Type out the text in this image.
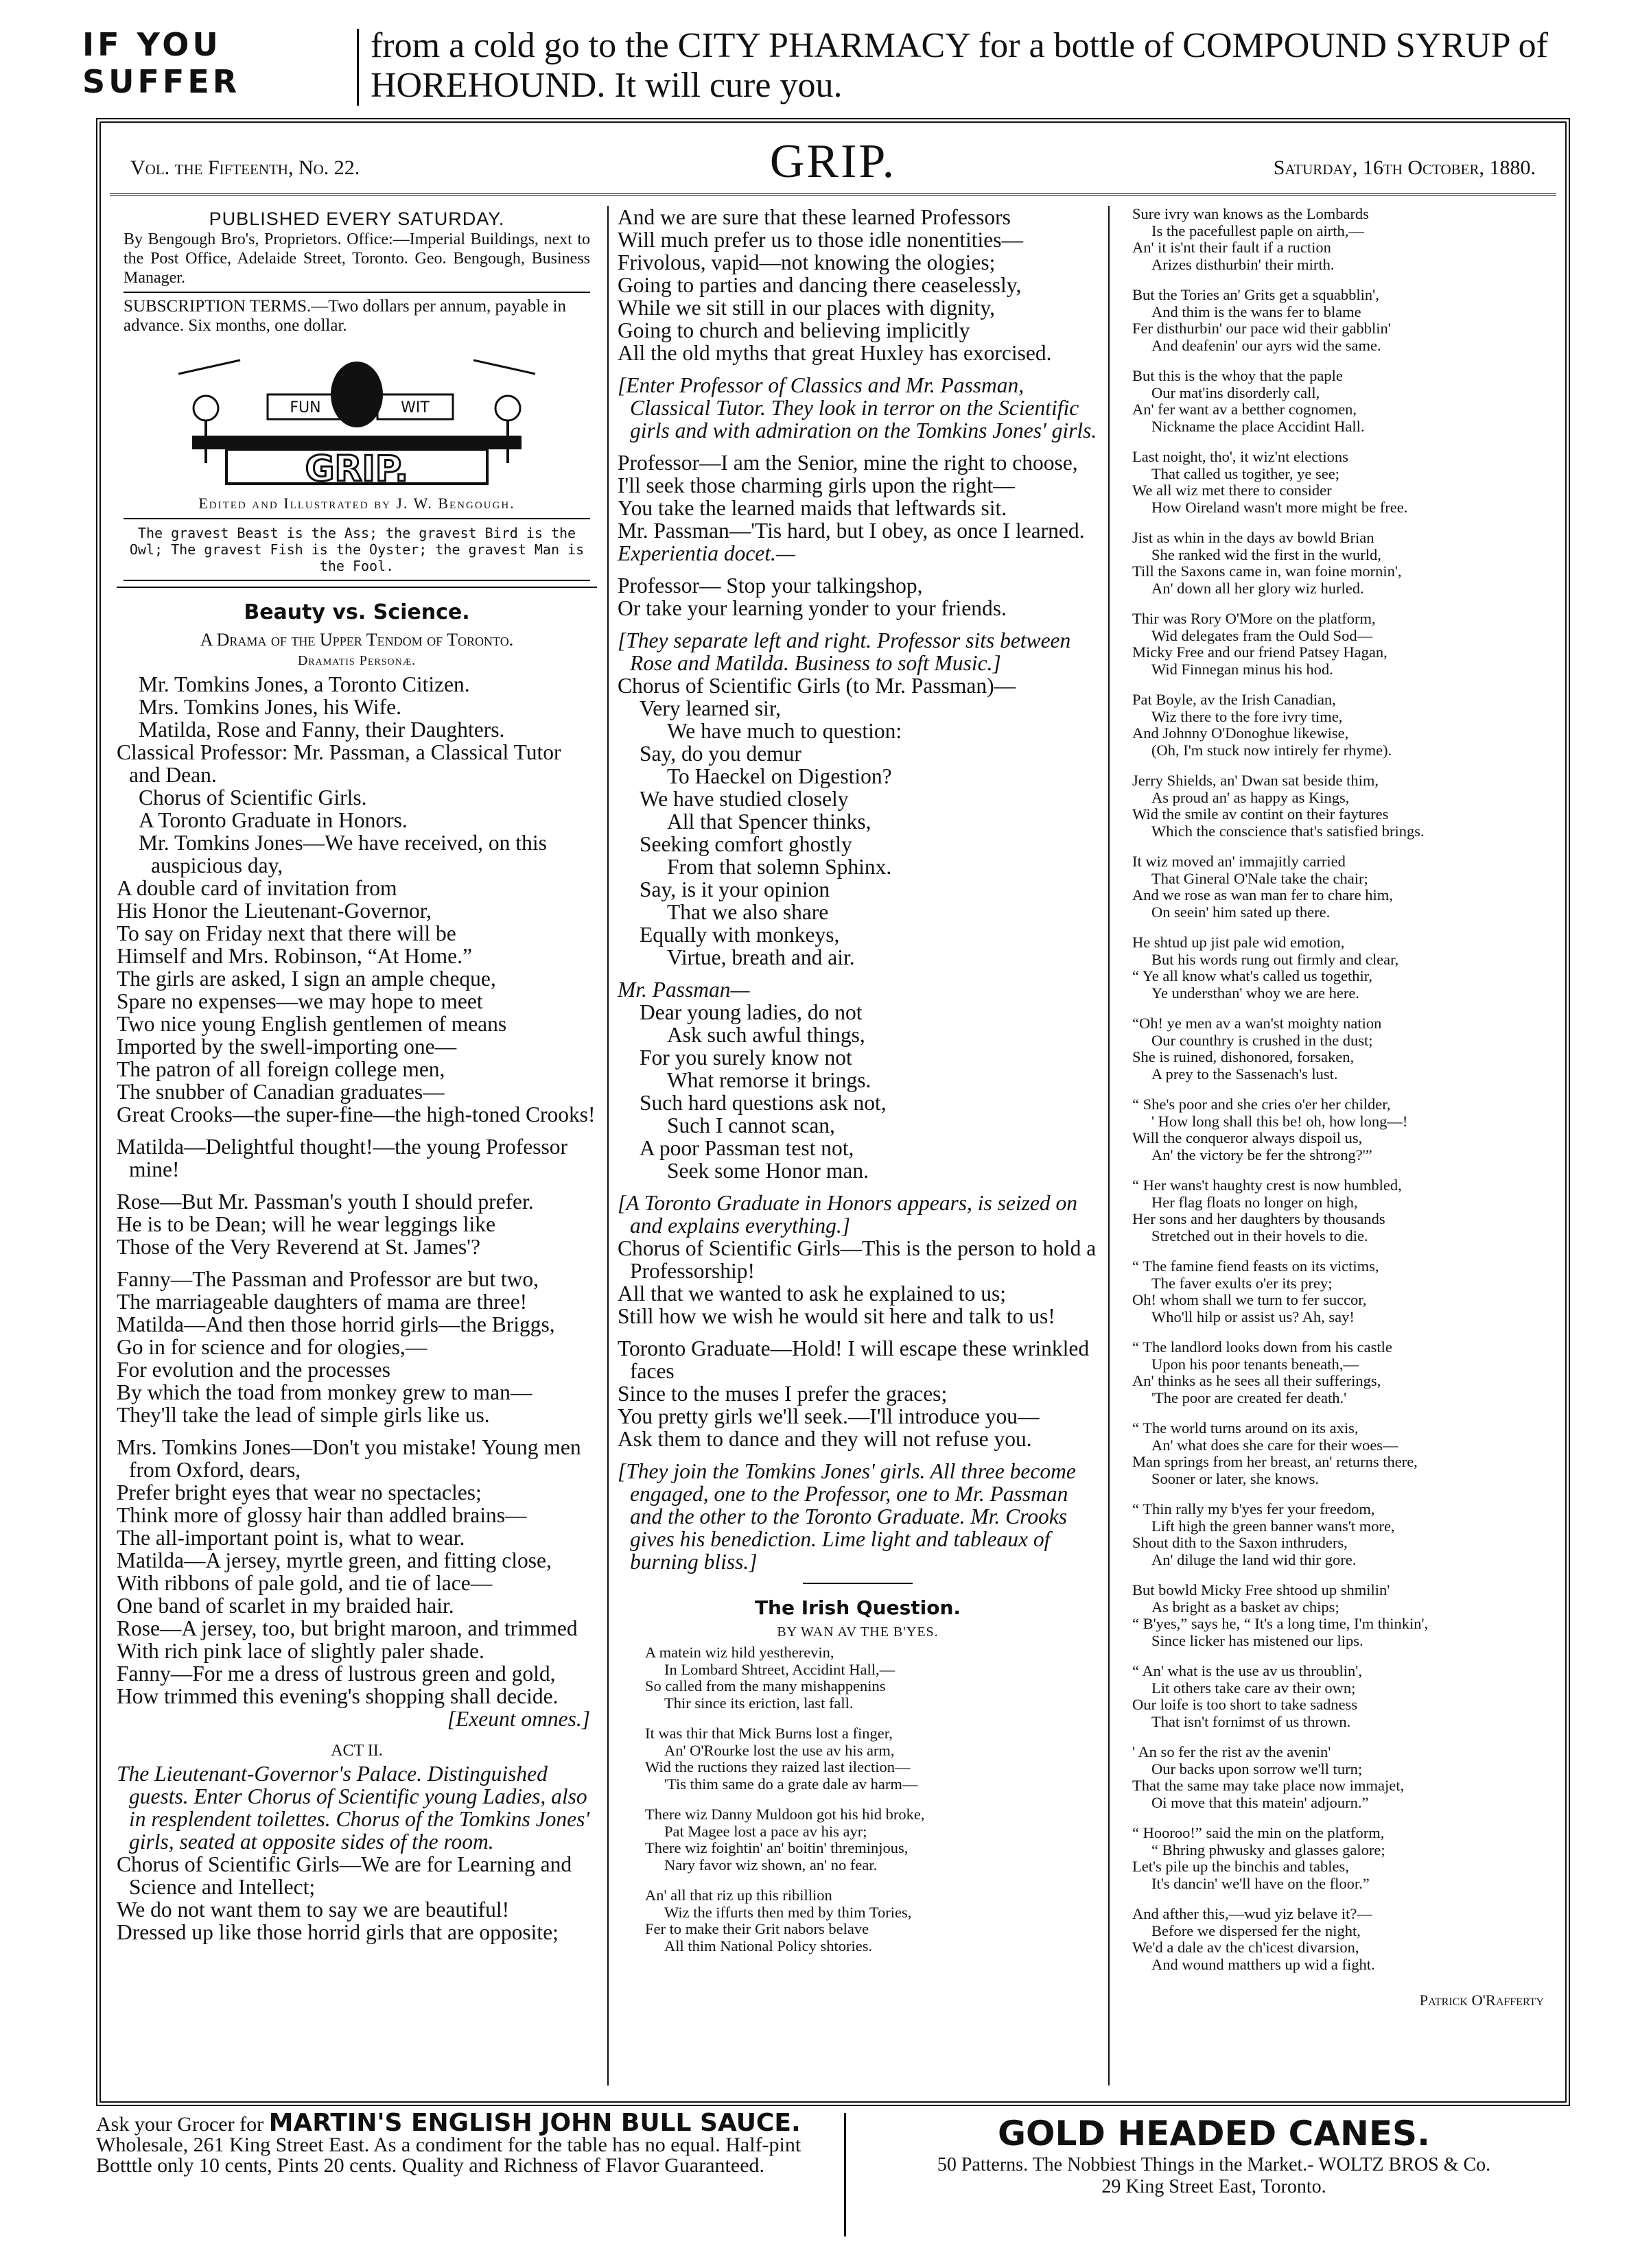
IF YOU SUFFER
from a cold go to the CITY PHARMACY for a bottle of COMPOUND SYRUP of HOREHOUND. It will cure you.
Vol. the Fifteenth, No. 22.	GRIP.	Saturday, 16th October, 1880.
PUBLISHED EVERY SATURDAY.
By Bengough Bro's, Proprietors. Office:—Imperial Buildings, next to the Post Office, Adelaide Street, Toronto. Geo. Bengough, Business Manager.
SUBSCRIPTION TERMS.—Two dollars per annum, payable in advance. Six months, one dollar.
GRIP.
FUN	WIT
Edited and Illustrated by J. W. Bengough.
The gravest Beast is the Ass; the gravest Bird is the Owl; The gravest Fish is the Oyster; the gravest Man is the Fool.
Beauty vs. Science.
A Drama of the Upper Tendom of Toronto.
Dramatis Personæ.

Mr. Tomkins Jones, a Toronto Citizen.

Mrs. Tomkins Jones, his Wife.

Matilda, Rose and Fanny, their Daughters.

Classical Professor: Mr. Passman, a Classical Tutor and Dean.

Chorus of Scientific Girls.

A Toronto Graduate in Honors.

Mr. Tomkins Jones—We have received, on this auspicious day,

A double card of invitation from

His Honor the Lieutenant-Governor,

To say on Friday next that there will be

Himself and Mrs. Robinson, “At Home.”

The girls are asked, I sign an ample cheque,

Spare no expenses—we may hope to meet

Two nice young English gentlemen of means

Imported by the swell-importing one—

The patron of all foreign college men,

The snubber of Canadian graduates—

Great Crooks—the super-fine—the high-toned Crooks!

Matilda—Delightful thought!—the young Professor mine!

Rose—But Mr. Passman's youth I should prefer.

He is to be Dean; will he wear leggings like

Those of the Very Reverend at St. James'?

Fanny—The Passman and Professor are but two,

The marriageable daughters of mama are three!

Matilda—And then those horrid girls—the Briggs,

Go in for science and for ologies,—

For evolution and the processes

By which the toad from monkey grew to man—

They'll take the lead of simple girls like us.

Mrs. Tomkins Jones—Don't you mistake! Young men from Oxford, dears,

Prefer bright eyes that wear no spectacles;

Think more of glossy hair than addled brains—

The all-important point is, what to wear.

Matilda—A jersey, myrtle green, and fitting close,

With ribbons of pale gold, and tie of lace—

One band of scarlet in my braided hair.

Rose—A jersey, too, but bright maroon, and trimmed

With rich pink lace of slightly paler shade.

Fanny—For me a dress of lustrous green and gold,

How trimmed this evening's shopping shall decide.

[Exeunt omnes.]

ACT II.

The Lieutenant-Governor's Palace. Distinguished guests. Enter Chorus of Scientific young Ladies, also in resplendent toilettes. Chorus of the Tomkins Jones' girls, seated at opposite sides of the room.

Chorus of Scientific Girls—We are for Learning and Science and Intellect;

We do not want them to say we are beautiful!

Dressed up like those horrid girls that are opposite;

And we are sure that these learned Professors

Will much prefer us to those idle nonentities—

Frivolous, vapid—not knowing the ologies;

Going to parties and dancing there ceaselessly,

While we sit still in our places with dignity,

Going to church and believing implicitly

All the old myths that great Huxley has exorcised.

[Enter Professor of Classics and Mr. Passman, Classical Tutor. They look in terror on the Scientific girls and with admiration on the Tomkins Jones' girls.

Professor—I am the Senior, mine the right to choose,

I'll seek those charming girls upon the right—

You take the learned maids that leftwards sit.

Mr. Passman—'Tis hard, but I obey, as once I learned.

Experientia docet.—

Professor— Stop your talkingshop,

Or take your learning yonder to your friends.

[They separate left and right. Professor sits between Rose and Matilda. Business to soft Music.]

Chorus of Scientific Girls (to Mr. Passman)—

Very learned sir,

We have much to question:

Say, do you demur

To Haeckel on Digestion?

We have studied closely

All that Spencer thinks,

Seeking comfort ghostly

From that solemn Sphinx.

Say, is it your opinion

That we also share

Equally with monkeys,

Virtue, breath and air.

Mr. Passman—

Dear young ladies, do not

Ask such awful things,

For you surely know not

What remorse it brings.

Such hard questions ask not,

Such I cannot scan,

A poor Passman test not,

Seek some Honor man.

[A Toronto Graduate in Honors appears, is seized on and explains everything.]

Chorus of Scientific Girls—This is the person to hold a Professorship!

All that we wanted to ask he explained to us;

Still how we wish he would sit here and talk to us!

Toronto Graduate—Hold! I will escape these wrinkled faces

Since to the muses I prefer the graces;

You pretty girls we'll seek.—I'll introduce you—

Ask them to dance and they will not refuse you.

[They join the Tomkins Jones' girls. All three become engaged, one to the Professor, one to Mr. Passman and the other to the Toronto Graduate. Mr. Crooks gives his benediction. Lime light and tableaux of burning bliss.]

The Irish Question.
BY WAN AV THE B'YES.

A matein wiz hild yestherevin,

In Lombard Shtreet, Accidint Hall,—

So called from the many mishappenins

Thir since its eriction, last fall.

It was thir that Mick Burns lost a finger,

An' O'Rourke lost the use av his arm,

Wid the ructions they raized last ilection—

'Tis thim same do a grate dale av harm—

There wiz Danny Muldoon got his hid broke,

Pat Magee lost a pace av his ayr;

There wiz foightin' an' boitin' threminjous,

Nary favor wiz shown, an' no fear.

An' all that riz up this ribillion

Wiz the iffurts then med by thim Tories,

Fer to make their Grit nabors belave

All thim National Policy shtories.

Sure ivry wan knows as the Lombards

Is the pacefullest paple on airth,—

An' it is'nt their fault if a ruction

Arizes disthurbin' their mirth.

But the Tories an' Grits get a squabblin',

And thim is the wans fer to blame

Fer disthurbin' our pace wid their gabblin'

And deafenin' our ayrs wid the same.

But this is the whoy that the paple

Our mat'ins disorderly call,

An' fer want av a betther cognomen,

Nickname the place Accidint Hall.

Last noight, tho', it wiz'nt elections

That called us togither, ye see;

We all wiz met there to consider

How Oireland wasn't more might be free.

Jist as whin in the days av bowld Brian

She ranked wid the first in the wurld,

Till the Saxons came in, wan foine mornin',

An' down all her glory wiz hurled.

Thir was Rory O'More on the platform,

Wid delegates fram the Ould Sod—

Micky Free and our friend Patsey Hagan,

Wid Finnegan minus his hod.

Pat Boyle, av the Irish Canadian,

Wiz there to the fore ivry time,

And Johnny O'Donoghue likewise,

(Oh, I'm stuck now intirely fer rhyme).

Jerry Shields, an' Dwan sat beside thim,

As proud an' as happy as Kings,

Wid the smile av contint on their faytures

Which the conscience that's satisfied brings.

It wiz moved an' immajitly carried

That Gineral O'Nale take the chair;

And we rose as wan man fer to chare him,

On seein' him sated up there.

He shtud up jist pale wid emotion,

But his words rung out firmly and clear,

“ Ye all know what's called us togethir,

Ye understhan' whoy we are here.

“Oh! ye men av a wan'st moighty nation

Our counthry is crushed in the dust;

She is ruined, dishonored, forsaken,

A prey to the Sassenach's lust.

“ She's poor and she cries o'er her childer,

' How long shall this be! oh, how long—!

Will the conqueror always dispoil us,

An' the victory be fer the shtrong?'”

“ Her wans't haughty crest is now humbled,

Her flag floats no longer on high,

Her sons and her daughters by thousands

Stretched out in their hovels to die.

“ The famine fiend feasts on its victims,

The faver exults o'er its prey;

Oh! whom shall we turn to fer succor,

Who'll hilp or assist us? Ah, say!

“ The landlord looks down from his castle

Upon his poor tenants beneath,—

An' thinks as he sees all their sufferings,

'The poor are created fer death.'

“ The world turns around on its axis,

An' what does she care for their woes—

Man springs from her breast, an' returns there,

Sooner or later, she knows.

“ Thin rally my b'yes fer your freedom,

Lift high the green banner wans't more,

Shout dith to the Saxon inthruders,

An' diluge the land wid thir gore.

But bowld Micky Free shtood up shmilin'

As bright as a basket av chips;

“ B'yes,” says he, “ It's a long time, I'm thinkin',

Since licker has mistened our lips.

“ An' what is the use av us throublin',

Lit others take care av their own;

Our loife is too short to take sadness

That isn't fornimst of us thrown.

' An so fer the rist av the avenin'

Our backs upon sorrow we'll turn;

That the same may take place now immajet,

Oi move that this matein' adjourn.”

“ Hooroo!” said the min on the platform,

“ Bhring phwusky and glasses galore;

Let's pile up the binchis and tables,

It's dancin' we'll have on the floor.”

And afther this,—wud yiz belave it?—

Before we dispersed fer the night,

We'd a dale av the ch'icest divarsion,

And wound matthers up wid a fight.

Patrick O'Rafferty

Ask your Grocer for MARTIN'S ENGLISH JOHN BULL SAUCE. Wholesale, 261 King Street East. As a condiment for the table has no equal. Half-pint Botttle only 10 cents, Pints 20 cents. Quality and Richness of Flavor Guaranteed.
GOLD HEADED CANES.
50 Patterns. The Nobbiest Things in the Market.- WOLTZ BROS & Co.
29 King Street East, Toronto.
